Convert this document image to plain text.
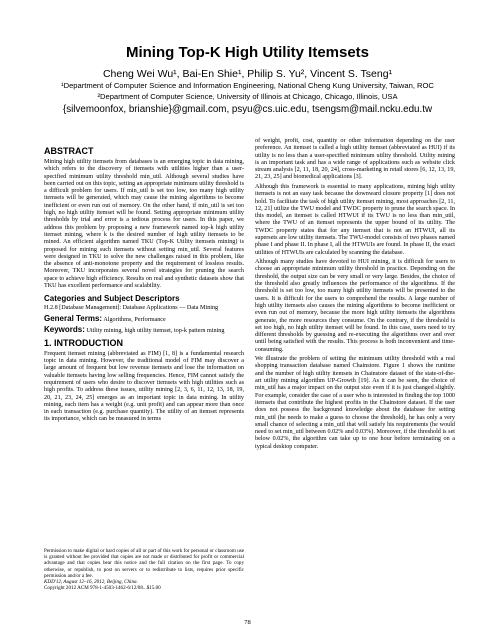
Mining Top-K High Utility Itemsets
Cheng Wei Wu¹, Bai-En Shie¹, Philip S. Yu², Vincent S. Tseng¹
¹Department of Computer Science and Information Engineering, National Cheng Kung University, Taiwan, ROC
²Department of Computer Science, University of Illinois at Chicago, Chicago, Illinois, USA
{silvemoonfox, brianshie}@gmail.com, psyu@cs.uic.edu, tsengsm@mail.ncku.edu.tw
ABSTRACT

Mining high utility itemsets from databases is an emerging topic in data mining, which refers to the discovery of itemsets with utilities higher than a user-specified minimum utility threshold min_util. Although several studies have been carried out on this topic, setting an appropriate minimum utility threshold is a difficult problem for users. If min_util is set too low, too many high utility itemsets will be generated, which may cause the mining algorithms to become inefficient or even run out of memory. On the other hand, if min_util is set too high, no high utility itemset will be found. Setting appropriate minimum utility thresholds by trial and error is a tedious process for users. In this paper, we address this problem by proposing a new framework named top-k high utility itemset mining, where k is the desired number of high utility itemsets to be mined. An efficient algorithm named TKU (Top-K Utility itemsets mining) is proposed for mining such itemsets without setting min_util. Several features were designed in TKU to solve the new challenges raised in this problem, like the absence of anti-monotone property and the requirement of lossless results. Moreover, TKU incorporates several novel strategies for pruning the search space to achieve high efficiency. Results on real and synthetic datasets show that TKU has excellent performance and scalability.

Categories and Subject Descriptors

H.2.8 [Database Management]: Database Applications — Data Mining

General Terms: Algorithms, Performance

Keywords: Utility mining, high utility itemset, top-k pattern mining

1. INTRODUCTION

Frequent itemset mining (abbreviated as FIM) [1, 8] is a fundamental research topic in data mining. However, the traditional model of FIM may discover a large amount of frequent but low revenue itemsets and lose the information on valuable itemsets having low selling frequencies. Hence, FIM cannot satisfy the requirement of users who desire to discover itemsets with high utilities such as high profits. To address these issues, utility mining [2, 3, 6, 11, 12, 13, 18, 19, 20, 21, 23, 24, 25] emerges as an important topic in data mining. In utility mining, each item has a weight (e.g. unit profit) and can appear more than once in each transaction (e.g. purchase quantity). The utility of an itemset represents its importance, which can be measured in terms

Permission to make digital or hard copies of all or part of this work for personal or classroom use is granted without fee provided that copies are not made or distributed for profit or commercial advantage and that copies bear this notice and the full citation on the first page. To copy otherwise, or republish, to post on servers or to redistribute to lists, requires prior specific permission and/or a fee.

KDD'12, August 12–16, 2012, Beijing, China.

Copyright 2012 ACM 978-1-4503-1462-6/12/08...$15.00

of weight, profit, cost, quantity or other information depending on the user preference. An itemset is called a high utility itemset (abbreviated as HUI) if its utility is no less than a user-specified minimum utility threshold. Utility mining is an important task and has a wide range of applications such as website click stream analysis [2, 11, 18, 20, 24], cross-marketing in retail stores [6, 12, 13, 19, 21, 23, 25] and biomedical applications [3].

Although this framework is essential to many applications, mining high utility itemsets is not an easy task because the downward closure property [1] does not hold. To facilitate the task of high utility itemset mining, most approaches [2, 11, 12, 21] utilize the TWU model and TWDC property to prune the search space. In this model, an itemset is called HTWUI if its TWU is no less than min_util, where the TWU of an itemset represents the upper bound of its utility. The TWDC property states that for any itemset that is not an HTWUI, all its supersets are low utility itemsets. The TWU-model consists of two phases named phase I and phase II. In phase I, all the HTWUIs are found. In phase II, the exact utilities of HTWUIs are calculated by scanning the database.

Although many studies have devoted to HUI mining, it is difficult for users to choose an appropriate minimum utility threshold in practice. Depending on the threshold, the output size can be very small or very large. Besides, the choice of the threshold also greatly influences the performance of the algorithms. If the threshold is set too low, too many high utility itemsets will be presented to the users. It is difficult for the users to comprehend the results. A large number of high utility itemsets also causes the mining algorithms to become inefficient or even run out of memory, because the more high utility itemsets the algorithms generate, the more resources they consume. On the contrary, if the threshold is set too high, no high utility itemset will be found. In this case, users need to try different thresholds by guessing and re-executing the algorithms over and over until being satisfied with the results. This process is both inconvenient and time-consuming.

We illustrate the problem of setting the minimum utility threshold with a real shopping transaction database named Chainstore. Figure 1 shows the runtime and the number of high utility itemsets in Chainstore dataset of the state-of-the-art utility mining algorithm UP-Growth [19]. As it can be seen, the choice of min_util has a major impact on the output size even if it is just changed slightly. For example, consider the case of a user who is interested in finding the top 1000 itemsets that contribute the highest profits in the Chainstore dataset. If the user does not possess the background knowledge about the database for setting min_util (he needs to make a guess to choose the threshold), he has only a very small chance of selecting a min_util that will satisfy his requirements (he would need to set min_util between 0.02% and 0.03%). Moreover, if the threshold is set below 0.02%, the algorithm can take up to one hour before terminating on a typical desktop computer.

78
